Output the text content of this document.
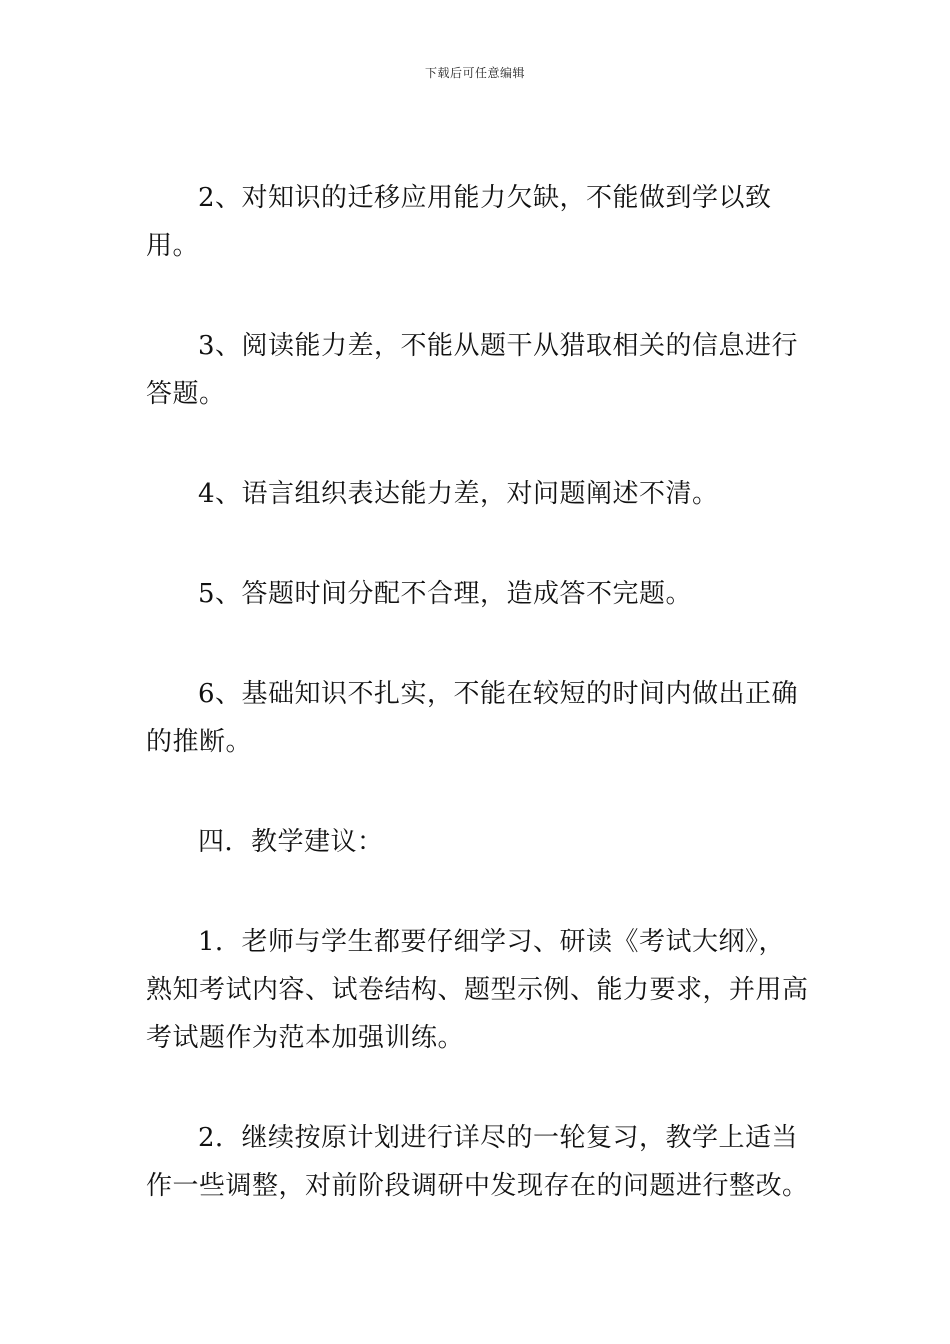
下载后可任意编辑

2、对知识的迁移应用能力欠缺，不能做到学以致用。

3、阅读能力差，不能从题干从猎取相关的信息进行答题。

4、语言组织表达能力差，对问题阐述不清。

5、答题时间分配不合理，造成答不完题。

6、基础知识不扎实，不能在较短的时间内做出正确的推断。

四．教学建议：

1．老师与学生都要仔细学习、研读《考试大纲》，熟知考试内容、试卷结构、题型示例、能力要求，并用高考试题作为范本加强训练。

2．继续按原计划进行详尽的一轮复习，教学上适当作一些调整，对前阶段调研中发现存在的问题进行整改。
